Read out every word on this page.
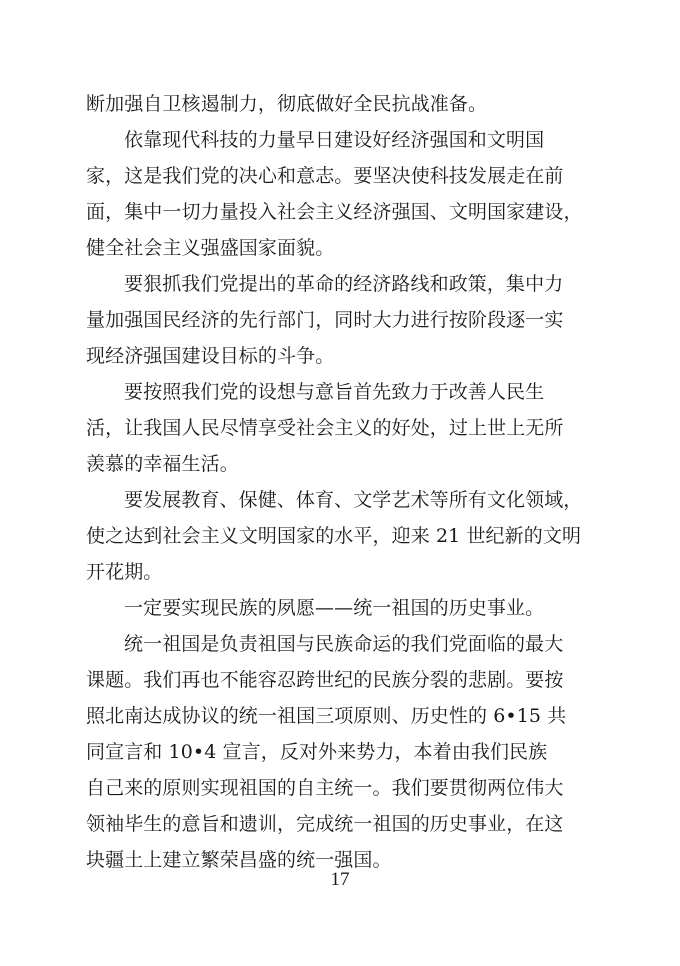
断加强自卫核遏制力，彻底做好全民抗战准备。
依靠现代科技的力量早日建设好经济强国和文明国
家，这是我们党的决心和意志。要坚决使科技发展走在前
面，集中一切力量投入社会主义经济强国、文明国家建设，
健全社会主义强盛国家面貌。
要狠抓我们党提出的革命的经济路线和政策，集中力
量加强国民经济的先行部门，同时大力进行按阶段逐一实
现经济强国建设目标的斗争。
要按照我们党的设想与意旨首先致力于改善人民生
活，让我国人民尽情享受社会主义的好处，过上世上无所
羡慕的幸福生活。
要发展教育、保健、体育、文学艺术等所有文化领域，
使之达到社会主义文明国家的水平，迎来 21 世纪新的文明
开花期。
一定要实现民族的夙愿——统一祖国的历史事业。
统一祖国是负责祖国与民族命运的我们党面临的最大
课题。我们再也不能容忍跨世纪的民族分裂的悲剧。要按
照北南达成协议的统一祖国三项原则、历史性的 6•15 共
同宣言和 10•4 宣言，反对外来势力，本着由我们民族
自己来的原则实现祖国的自主统一。我们要贯彻两位伟大
领袖毕生的意旨和遗训，完成统一祖国的历史事业，在这
块疆土上建立繁荣昌盛的统一强国。
17
